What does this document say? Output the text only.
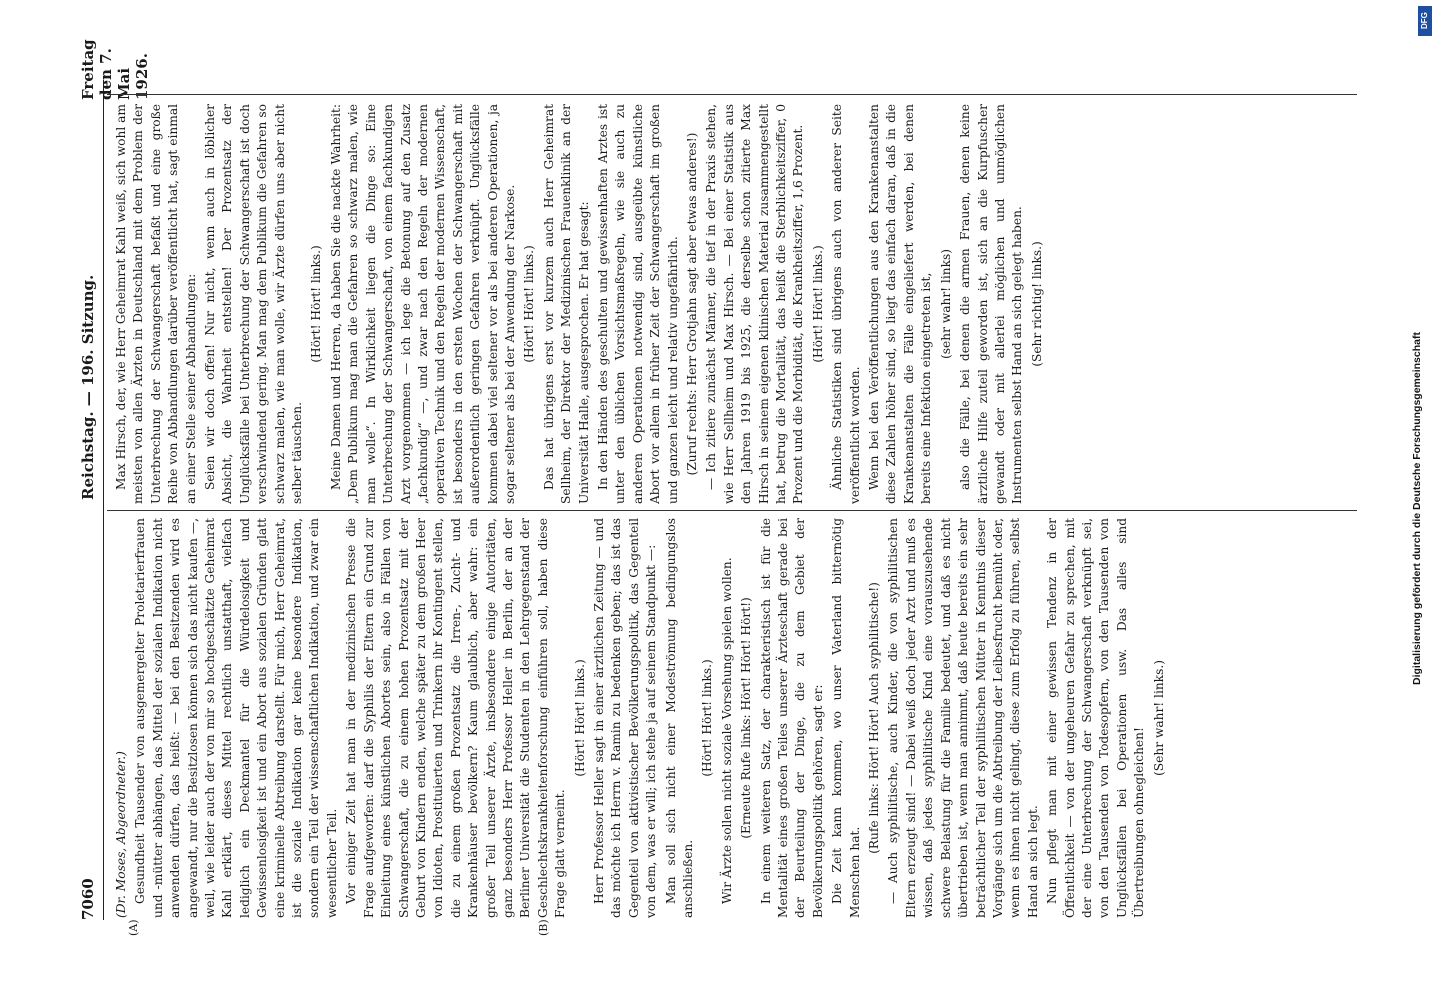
7060
Reichstag. — 196. Sitzung.
Freitag den 7. Mai 1926.
(A)	(B)

(Dr. Moses, Abgeordneter.) Gesundheit Tausender von ausgemergelter Proletarierfrauen und -mütter abhängen, das Mittel der sozialen Indikation nicht anwenden dürfen, das heißt: — bei den Besitzenden wird es angewandt, nur die Besitzlosen können sich das nicht kaufen —, weil, wie leider auch der von mir so hochgeschätzte Geheimrat Kahl erklärt, dieses Mittel rechtlich unstatthaft, vielfach lediglich ein Deckmantel für die Würdelosigkeit und Gewissenlosigkeit ist und ein Abort aus sozialen Gründen glatt eine kriminelle Abtreibung darstellt. Für mich, Herr Geheimrat, ist die soziale Indikation gar keine besondere Indikation, sondern ein Teil der wissenschaftlichen Indikation, und zwar ein wesentlicher Teil. Vor einiger Zeit hat man in der medizinischen Presse die Frage aufgeworfen: darf die Syphilis der Eltern ein Grund zur Einleitung eines künstlichen Abortes sein, also in Fällen von Schwangerschaft, die zu einem hohen Prozentsatz mit der Geburt von Kindern enden, welche später zu dem großen Heer von Idioten, Prostituierten und Trinkern ihr Kontingent stellen, die zu einem großen Prozentsatz die Irren-, Zucht- und Krankenhäuser bevölkern? Kaum glaublich, aber wahr: ein großer Teil unserer Ärzte, insbesondere einige Autoritäten, ganz besonders Herr Professor Heller in Berlin, der an der Berliner Universität die Studenten in den Lehrgegenstand der Geschlechtskrankheitenforschung einführen soll, haben diese Frage glatt verneint.

(Hört! Hört! links.) Herr Professor Heller sagt in einer ärztlichen Zeitung — und das möchte ich Herrn v. Ramin zu bedenken geben; das ist das Gegenteil von aktivistischer Bevölkerungspolitik, das Gegenteil von dem, was er will; ich stehe ja auf seinem Standpunkt —: Man soll sich nicht einer Modeströmung bedingungslos anschließen.

(Hört! Hört! links.) Wir Ärzte sollen nicht soziale Vorsehung spielen wollen. (Erneute Rufe links: Hört! Hört! Hört!) In einem weiteren Satz, der charakteristisch ist für die Mentalität eines großen Teiles unserer Ärzteschaft gerade bei der Beurteilung der Dinge, die zu dem Gebiet der Bevölkerungspolitik gehören, sagt er: Die Zeit kann kommen, wo unser Vaterland bitternötig Menschen hat.

(Rufe links: Hört! Hört! Auch syphilitische!) — Auch syphilitische, auch Kinder, die von syphilitischen Eltern erzeugt sind! — Dabei weiß doch jeder Arzt und muß es wissen, daß jedes syphilitische Kind eine vorauszusehende schwere Belastung für die Familie bedeutet, und daß es nicht übertrieben ist, wenn man annimmt, daß heute bereits ein sehr beträchtlicher Teil der syphilitischen Mütter in Kenntnis dieser Vorgänge sich um die Abtreibung der Leibesfrucht bemüht oder, wenn es ihnen nicht gelingt, diese zum Erfolg zu führen, selbst Hand an sich legt. Nun pflegt man mit einer gewissen Tendenz in der Öffentlichkeit — von der ungeheuren Gefahr zu sprechen, mit der eine Unterbrechung der Schwangerschaft verknüpft sei, von den Tausenden von Todesopfern, von den Tausenden von Unglücksfällen bei Operationen usw. Das alles sind Übertreibungen ohnegleichen!

(Sehr wahr! links.)

Max Hirsch, der, wie Herr Geheimrat Kahl weiß, sich wohl am meisten von allen Ärzten in Deutschland mit dem Problem der Unterbrechung der Schwangerschaft befaßt und eine große Reihe von Abhandlungen darüber veröffentlicht hat, sagt einmal an einer Stelle seiner Abhandlungen: Seien wir doch offen! Nur nicht, wenn auch in löblicher Absicht, die Wahrheit entstellen! Der Prozentsatz der Unglücksfälle bei Unterbrechung der Schwangerschaft ist doch verschwindend gering. Man mag dem Publikum die Gefahren so schwarz malen, wie man wolle, wir Ärzte dürfen uns aber nicht selber täuschen.

(Hört! Hört! links.) Meine Damen und Herren, da haben Sie die nackte Wahrheit: „Dem Publikum mag man die Gefahren so schwarz malen, wie man wolle“. In Wirklichkeit liegen die Dinge so: Eine Unterbrechung der Schwangerschaft, von einem fachkundigen Arzt vorgenommen — ich lege die Betonung auf den Zusatz „fachkundig“ —, und zwar nach den Regeln der modernen operativen Technik und den Regeln der modernen Wissenschaft, ist besonders in den ersten Wochen der Schwangerschaft mit außerordentlich geringen Gefahren verknüpft. Unglücksfälle kommen dabei viel seltener vor als bei anderen Operationen, ja sogar seltener als bei der Anwendung der Narkose. (Hört! Hört! links.) Das hat übrigens erst vor kurzem auch Herr Geheimrat Sellheim, der Direktor der Medizinischen Frauenklinik an der Universität Halle, ausgesprochen. Er hat gesagt: In den Händen des geschulten und gewissenhaften Arztes ist unter den üblichen Vorsichtsmaßregeln, wie sie auch zu anderen Operationen notwendig sind, ausgeübte künstliche Abort vor allem in früher Zeit der Schwangerschaft im großen und ganzen leicht und relativ ungefährlich. (Zuruf rechts: Herr Grotjahn sagt aber etwas anderes!) — Ich zitiere zunächst Männer, die tief in der Praxis stehen, wie Herr Sellheim und Max Hirsch. — Bei einer Statistik aus den Jahren 1919 bis 1925, die derselbe schon zitierte Max Hirsch in seinem eigenen klinischen Material zusammengestellt hat, betrug die Mortalität, das heißt die Sterblichkeitsziffer, 0 Prozent und die Morbidität, die Krankheitsziffer, 1,6 Prozent. (Hört! Hört! links.) Ähnliche Statistiken sind übrigens auch von anderer Seite veröffentlicht worden. Wenn bei den Veröffentlichungen aus den Krankenanstalten diese Zahlen höher sind, so liegt das einfach daran, daß in die Krankenanstalten die Fälle eingeliefert werden, bei denen bereits eine Infektion eingetreten ist, (sehr wahr! links) also die Fälle, bei denen die armen Frauen, denen keine ärztliche Hilfe zuteil geworden ist, sich an die Kurpfuscher gewandt oder mit allerlei möglichen und unmöglichen Instrumenten selbst Hand an sich gelegt haben. (Sehr richtig! links.)

Digitalisierung gefördert durch die Deutsche Forschungsgemeinschaft
DFG
